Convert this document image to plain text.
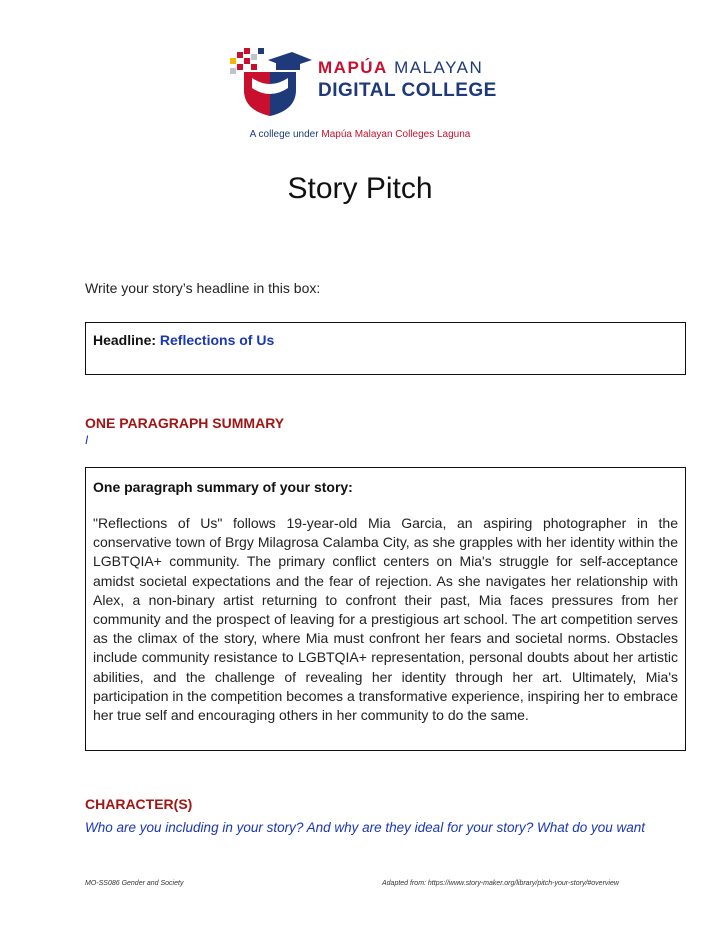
MAPÚA MALAYAN
DIGITAL COLLEGE
A college under Mapúa Malayan Colleges Laguna
Story Pitch
Write your story’s headline in this box:
Headline: Reflections of Us
ONE PARAGRAPH SUMMARY
I
One paragraph summary of your story:
"Reflections of Us" follows 19-year-old Mia Garcia, an aspiring photographer in the conservative town of Brgy Milagrosa Calamba City, as she grapples with her identity within the LGBTQIA+ community. The primary conflict centers on Mia's struggle for self-acceptance amidst societal expectations and the fear of rejection. As she navigates her relationship with Alex, a non-binary artist returning to confront their past, Mia faces pressures from her community and the prospect of leaving for a prestigious art school. The art competition serves as the climax of the story, where Mia must confront her fears and societal norms. Obstacles include community resistance to LGBTQIA+ representation, personal doubts about her artistic abilities, and the challenge of revealing her identity through her art. Ultimately, Mia's participation in the competition becomes a transformative experience, inspiring her to embrace her true self and encouraging others in her community to do the same.
CHARACTER(S)
Who are you including in your story? And why are they ideal for your story? What do you want
MO-SS086 Gender and Society	Adapted from: https://www.story-maker.org/library/pitch-your-story/#overview
